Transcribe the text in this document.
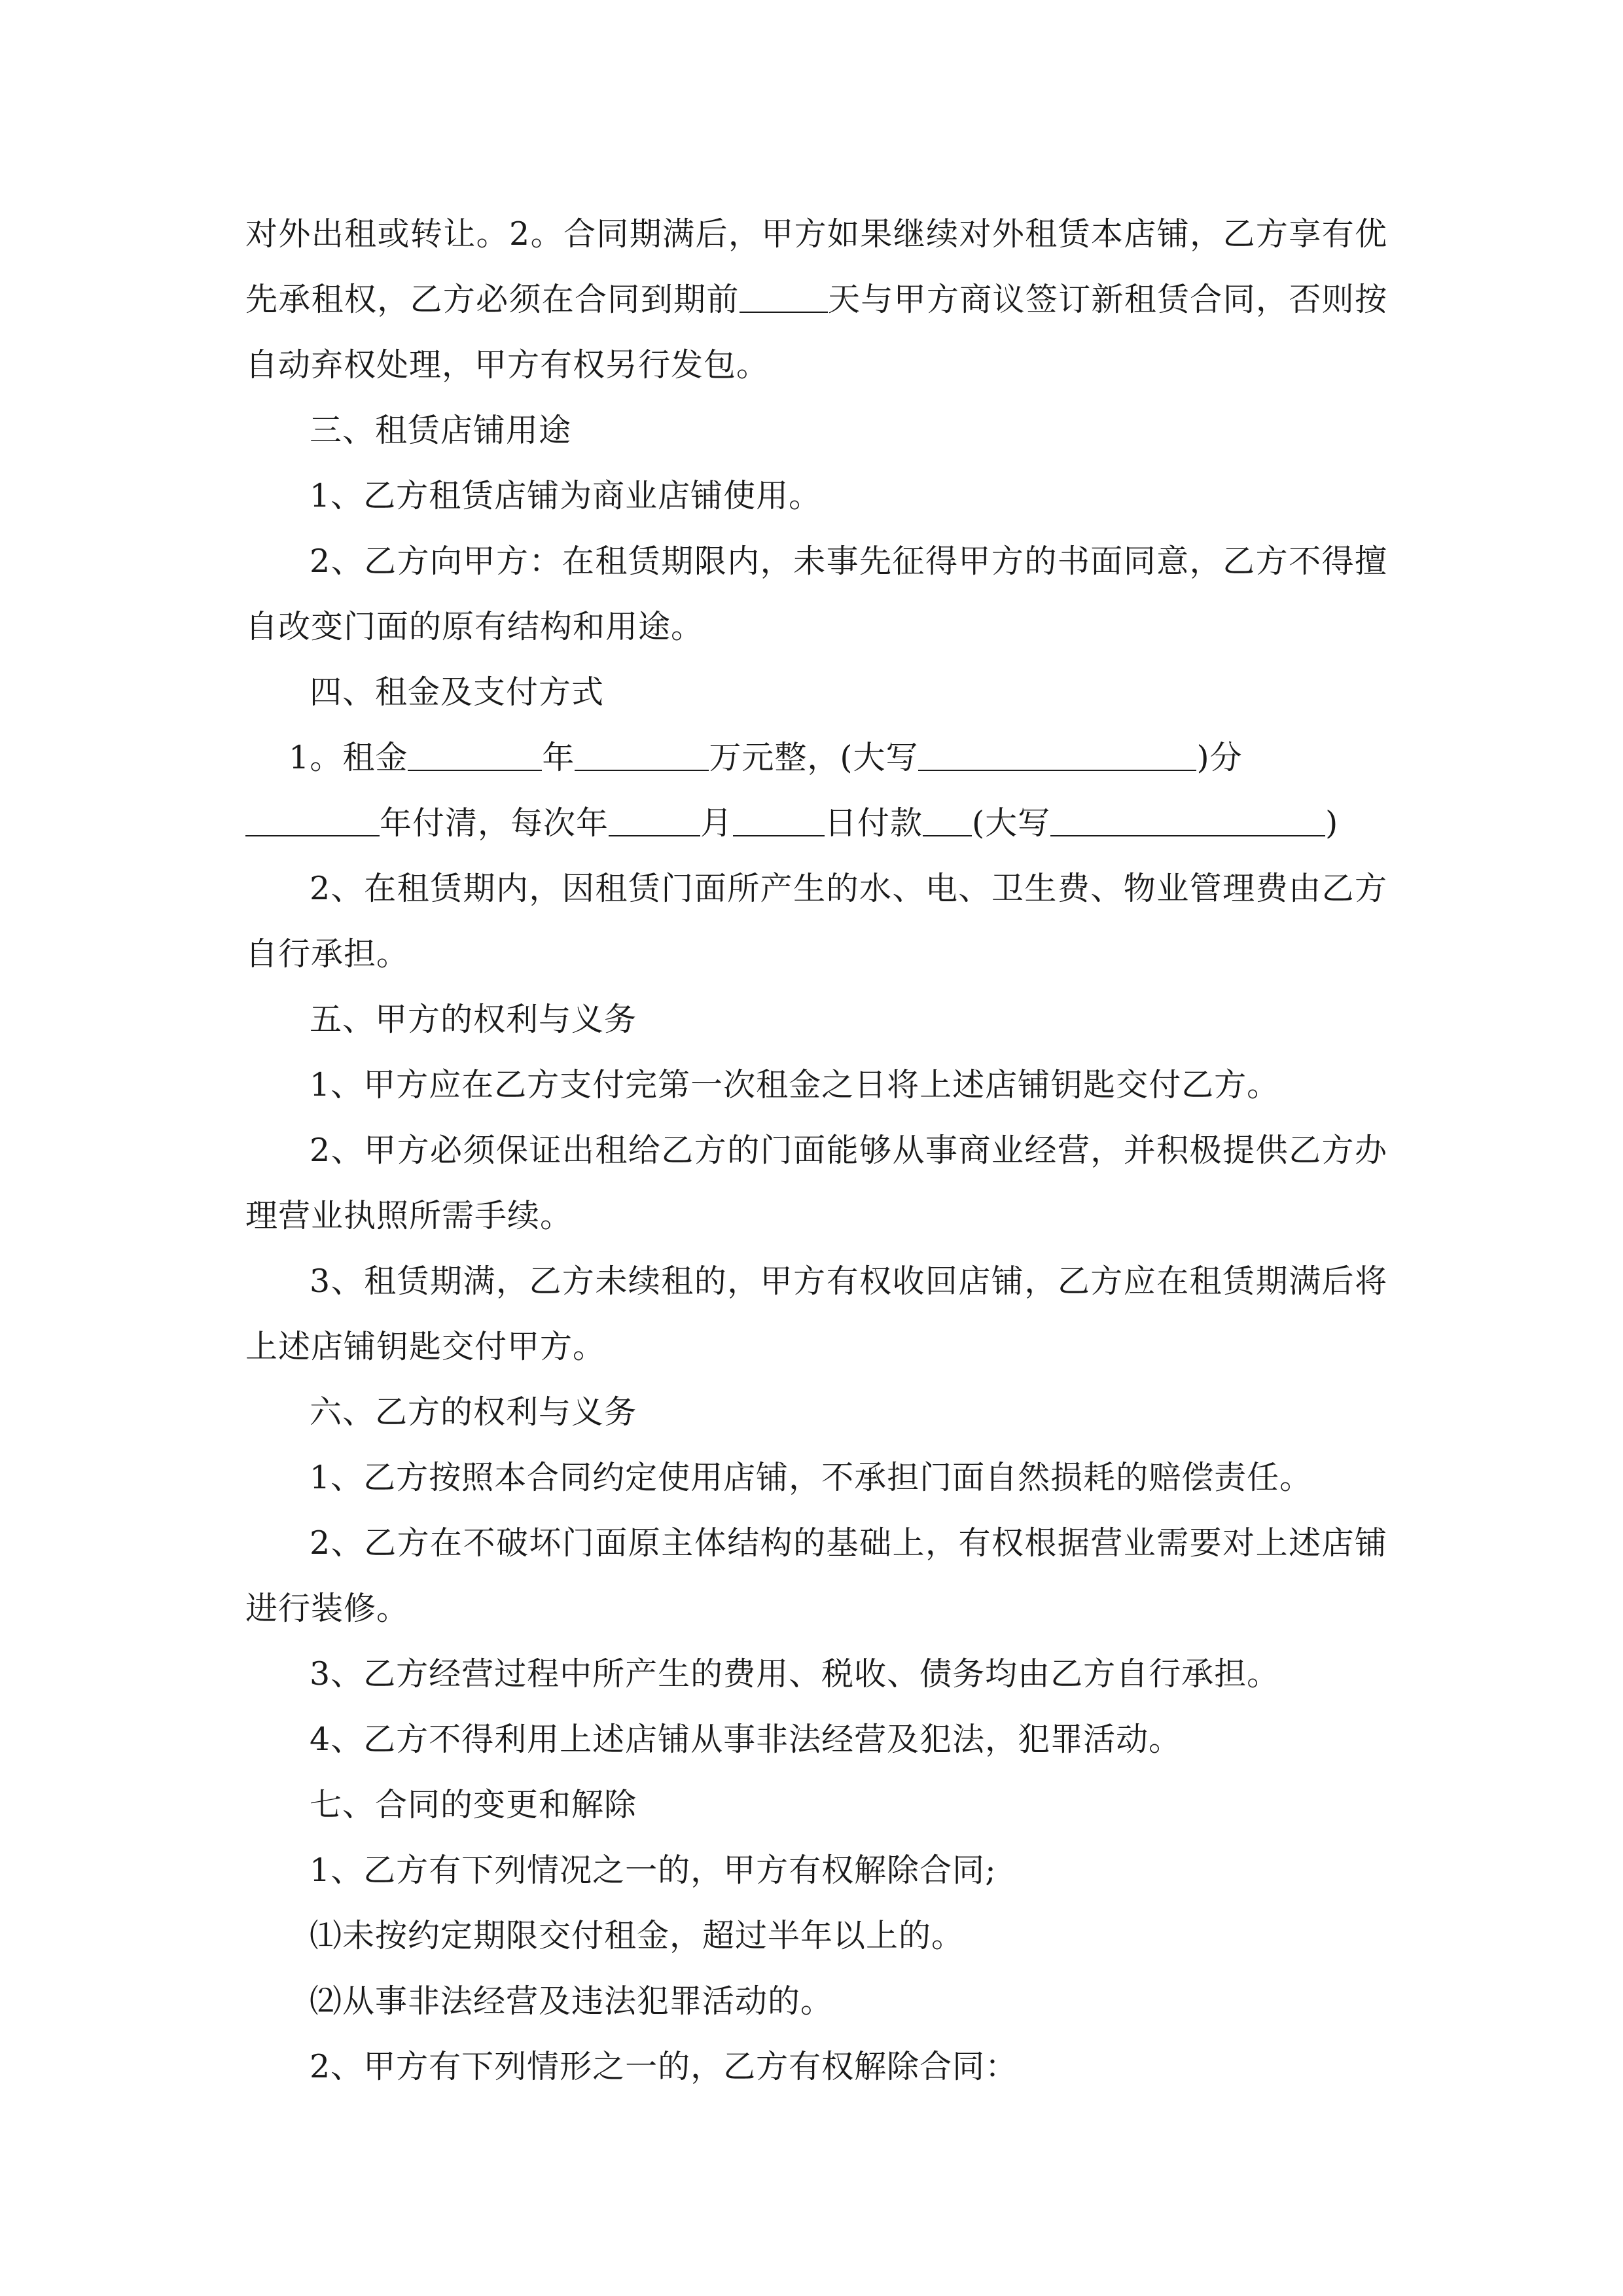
对外出租或转让。2。合同期满后，甲方如果继续对外租赁本店铺，乙方享有优先承租权，乙方必须在合同到期前	天与甲方商议签订新租赁合同，否则按自动弃权处理，甲方有权另行发包。

三、租赁店铺用途

1、乙方租赁店铺为商业店铺使用。

2、乙方向甲方：在租赁期限内，未事先征得甲方的书面同意，乙方不得擅自改变门面的原有结构和用途。

四、租金及支付方式

1。租金	年	万元整，(大写	)分
年付清，每次年	月	日付款 (大写	)

2、在租赁期内，因租赁门面所产生的水、电、卫生费、物业管理费由乙方自行承担。

五、甲方的权利与义务

1、甲方应在乙方支付完第一次租金之日将上述店铺钥匙交付乙方。

2、甲方必须保证出租给乙方的门面能够从事商业经营，并积极提供乙方办理营业执照所需手续。

3、租赁期满，乙方未续租的，甲方有权收回店铺，乙方应在租赁期满后将上述店铺钥匙交付甲方。

六、乙方的权利与义务

1、乙方按照本合同约定使用店铺，不承担门面自然损耗的赔偿责任。

2、乙方在不破坏门面原主体结构的基础上，有权根据营业需要对上述店铺进行装修。

3、乙方经营过程中所产生的费用、税收、债务均由乙方自行承担。

4、乙方不得利用上述店铺从事非法经营及犯法，犯罪活动。

七、合同的变更和解除

1、乙方有下列情况之一的，甲方有权解除合同;

⑴未按约定期限交付租金，超过半年以上的。

⑵从事非法经营及违法犯罪活动的。

2、甲方有下列情形之一的，乙方有权解除合同：
